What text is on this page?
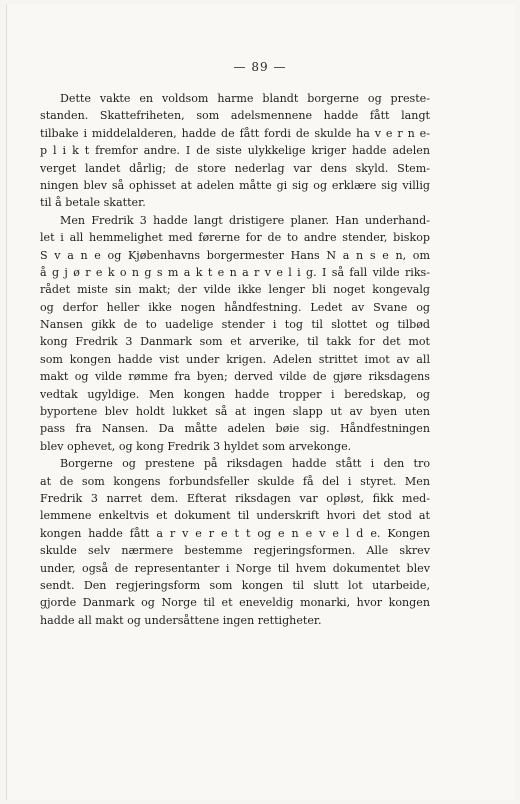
— 89 —
Dette vakte en voldsom harme blandt borgerne og preste-
standen. Skattefriheten, som adelsmennene hadde fått langt
tilbake i middelalderen, hadde de fått fordi de skulde ha v e r n e-
p l i k t fremfor andre. I de siste ulykkelige kriger hadde adelen
verget landet dårlig; de store nederlag var dens skyld. Stem-
ningen blev så ophisset at adelen måtte gi sig og erklære sig villig
til å betale skatter.
Men Fredrik 3 hadde langt dristigere planer. Han underhand-
let i all hemmelighet med førerne for de to andre stender, biskop
S v a n e og Kjøbenhavns borgermester Hans N a n s e n, om
å g j ø r e k o n g s m a k t e n a r v e l i g. I så fall vilde riks-
rådet miste sin makt; der vilde ikke lenger bli noget kongevalg
og derfor heller ikke nogen håndfestning. Ledet av Svane og
Nansen gikk de to uadelige stender i tog til slottet og tilbød
kong Fredrik 3 Danmark som et arverike, til takk for det mot
som kongen hadde vist under krigen. Adelen strittet imot av all
makt og vilde rømme fra byen; derved vilde de gjøre riksdagens
vedtak ugyldige. Men kongen hadde tropper i beredskap, og
byportene blev holdt lukket så at ingen slapp ut av byen uten
pass fra Nansen. Da måtte adelen bøie sig. Håndfestningen
blev ophevet, og kong Fredrik 3 hyldet som arvekonge.
Borgerne og prestene på riksdagen hadde stått i den tro
at de som kongens forbundsfeller skulde få del i styret. Men
Fredrik 3 narret dem. Efterat riksdagen var opløst, fikk med-
lemmene enkeltvis et dokument til underskrift hvori det stod at
kongen hadde fått a r v e r e t t og e n e v e l d e. Kongen
skulde selv nærmere bestemme regjeringsformen. Alle skrev
under, også de representanter i Norge til hvem dokumentet blev
sendt. Den regjeringsform som kongen til slutt lot utarbeide,
gjorde Danmark og Norge til et eneveldig monarki, hvor kongen
hadde all makt og undersåttene ingen rettigheter.
